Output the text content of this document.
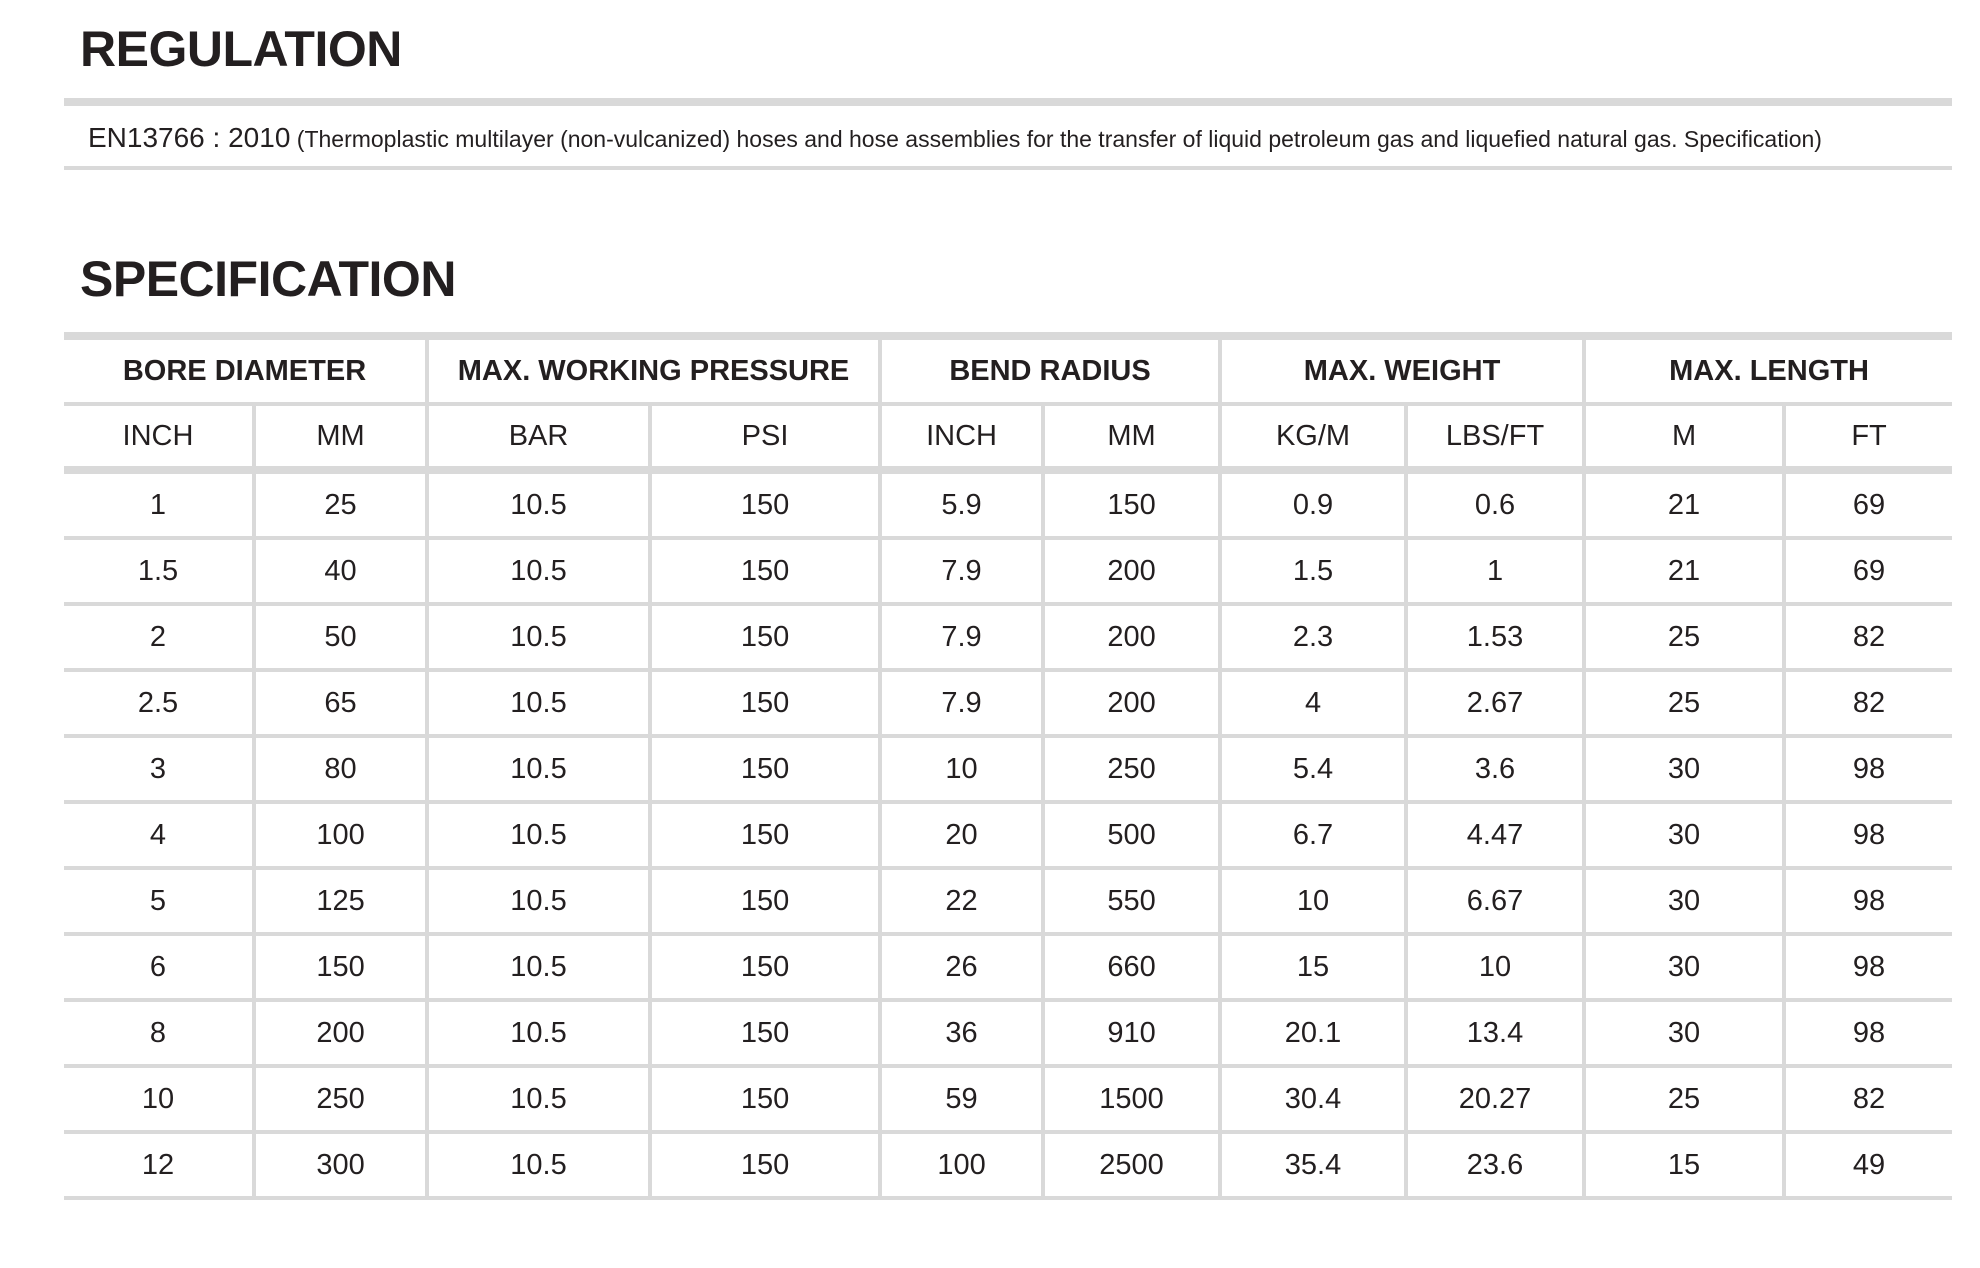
REGULATION
EN13766 : 2010 (Thermoplastic multilayer (non-vulcanized) hoses and hose assemblies for the transfer of liquid petroleum gas and liquefied natural gas. Specification)
SPECIFICATION
BORE DIAMETER		MAX. WORKING PRESSURE		BEND RADIUS		MAX. WEIGHT		MAX. LENGTH	
INCH	MM	BAR	PSI	INCH	MM	KG/M	LBS/FT	M	FT
1	25	10.5	150	5.9	150	0.9	0.6	21	69
1.5	40	10.5	150	7.9	200	1.5	1	21	69
2	50	10.5	150	7.9	200	2.3	1.53	25	82
2.5	65	10.5	150	7.9	200	4	2.67	25	82
3	80	10.5	150	10	250	5.4	3.6	30	98
4	100	10.5	150	20	500	6.7	4.47	30	98
5	125	10.5	150	22	550	10	6.67	30	98
6	150	10.5	150	26	660	15	10	30	98
8	200	10.5	150	36	910	20.1	13.4	30	98
10	250	10.5	150	59	1500	30.4	20.27	25	82
12	300	10.5	150	100	2500	35.4	23.6	15	49
